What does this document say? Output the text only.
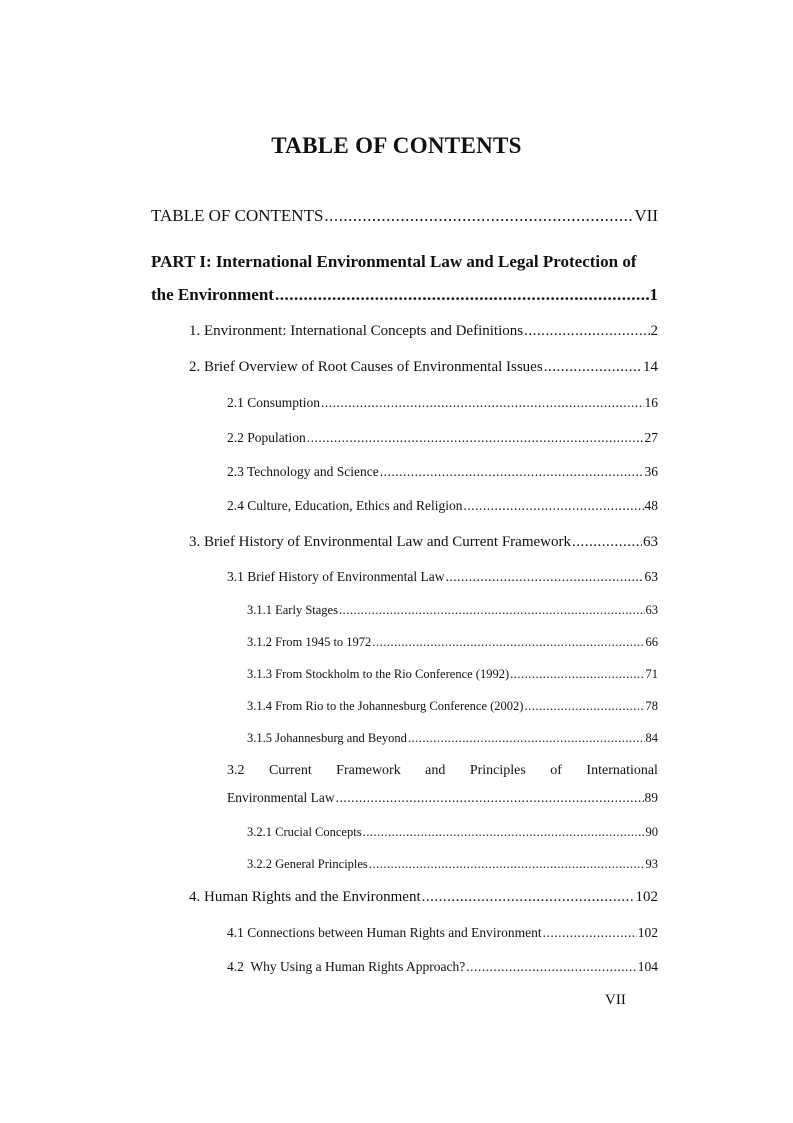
TABLE OF CONTENTS
TABLE OF CONTENTS .....	VII
PART I: International Environmental Law and Legal Protection of
the Environment .....	1
1. Environment: International Concepts and Definitions .....	2
2. Brief Overview of Root Causes of Environmental Issues .....	14
2.1 Consumption .....	16
2.2 Population .....	27
2.3 Technology and Science .....	36
2.4 Culture, Education, Ethics and Religion .....	48
3. Brief History of Environmental Law and Current Framework .....	63
3.1 Brief History of Environmental Law .....	63
3.1.1 Early Stages .....	63
3.1.2 From 1945 to 1972 .....	66
3.1.3 From Stockholm to the Rio Conference (1992) .....	71
3.1.4 From Rio to the Johannesburg Conference (2002) .....	78
3.1.5 Johannesburg and Beyond .....	84
3.2 Current Framework and Principles of International
Environmental Law .....	89
3.2.1 Crucial Concepts .....	90
3.2.2 General Principles .....	93
4. Human Rights and the Environment .....	102
4.1 Connections between Human Rights and Environment .....	102
4.2  Why Using a Human Rights Approach? .....	104
VII
